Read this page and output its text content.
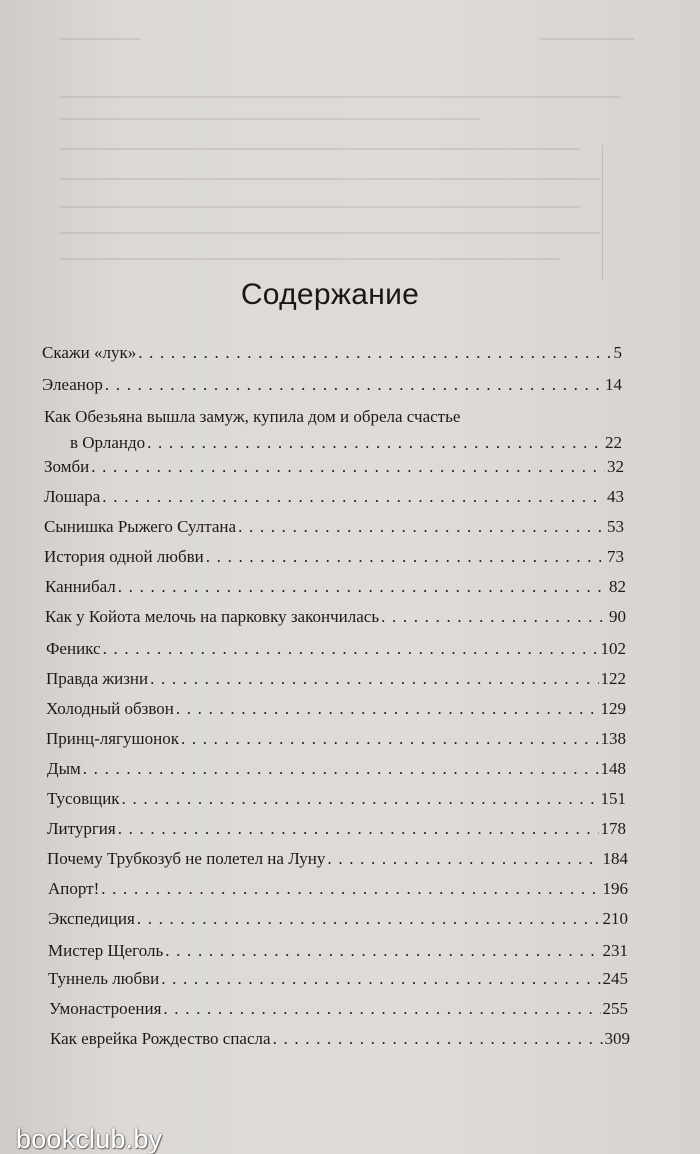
Содержание
Скажи «лук» . . .	5
Элеанор . . .	14
Как Обезьяна вышла замуж, купила дом и обрела счастье
в Орландо . . .	22
Зомби . . .	32
Лошара . . .	43
Сынишка Рыжего Султана . . .	53
История одной любви . . .	73
Каннибал . . .	82
Как у Койота мелочь на парковку закончилась . . .	90
Феникс . . .	102
Правда жизни . . .	122
Холодный обзвон . . .	129
Принц-лягушонок . . .	138
Дым . . .	148
Тусовщик . . .	151
Литургия . . .	178
Почему Трубкозуб не полетел на Луну . . .	184
Апорт! . . .	196
Экспедиция . . .	210
Мистер Щеголь . . .	231
Туннель любви . . .	245
Умонастроения . . .	255
Как еврейка Рождество спасла . . .	309
bookclub.by
